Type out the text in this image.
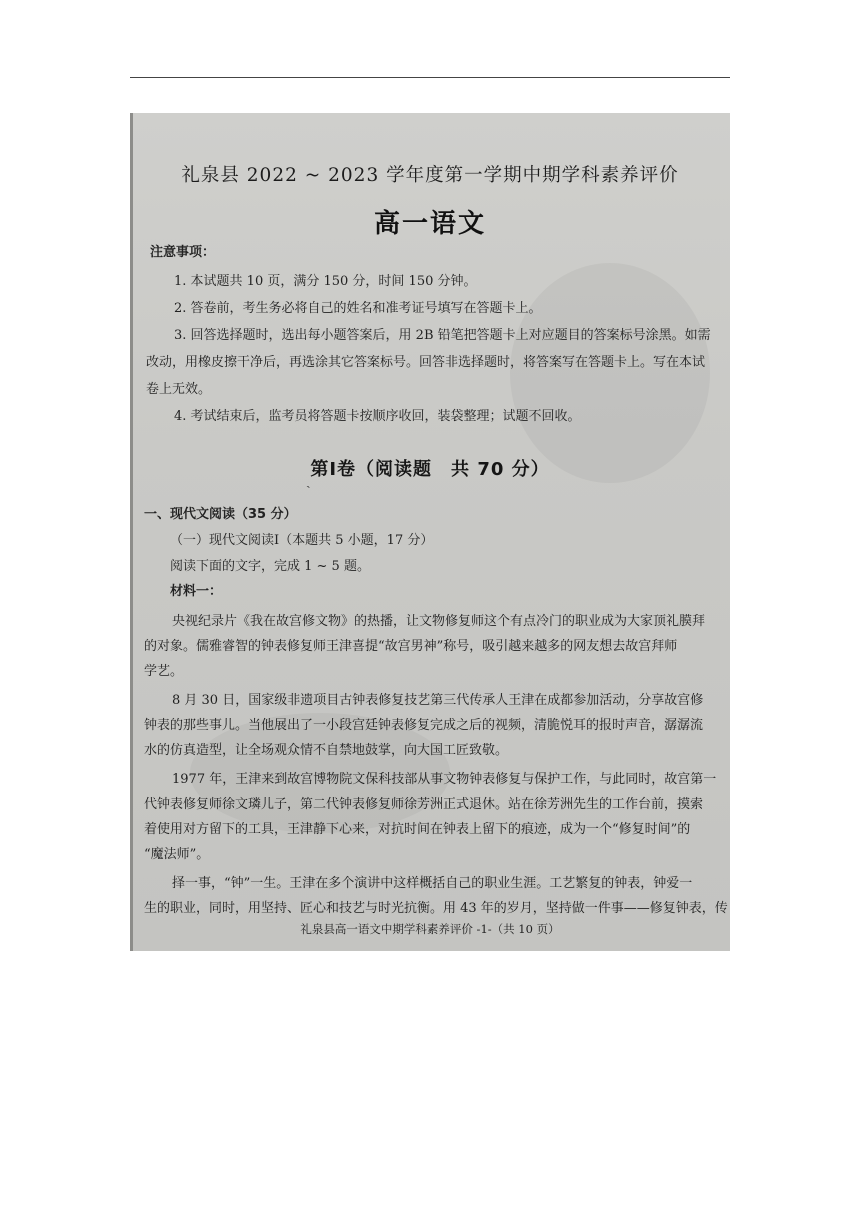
礼泉县 2022 ~ 2023 学年度第一学期中期学科素养评价
高一语文
注意事项：
1. 本试题共 10 页，满分 150 分，时间 150 分钟。
2. 答卷前，考生务必将自己的姓名和准考证号填写在答题卡上。
3. 回答选择题时，选出每小题答案后，用 2B 铅笔把答题卡上对应题目的答案标号涂黑。如需
改动，用橡皮擦干净后，再选涂其它答案标号。回答非选择题时，将答案写在答题卡上。写在本试
卷上无效。
4. 考试结束后，监考员将答题卡按顺序收回，装袋整理；试题不回收。
第Ⅰ卷（阅读题　共 70 分）
ˏ
一、现代文阅读（35 分）
（一）现代文阅读Ⅰ（本题共 5 小题，17 分）
阅读下面的文字，完成 1 ~ 5 题。
材料一：
央视纪录片《我在故宫修文物》的热播，让文物修复师这个有点冷门的职业成为大家顶礼膜拜
的对象。儒雅睿智的钟表修复师王津喜提“故宫男神”称号，吸引越来越多的网友想去故宫拜师
学艺。
8 月 30 日，国家级非遗项目古钟表修复技艺第三代传承人王津在成都参加活动，分享故宫修
钟表的那些事儿。当他展出了一小段宫廷钟表修复完成之后的视频，清脆悦耳的报时声音，潺潺流
水的仿真造型，让全场观众情不自禁地鼓掌，向大国工匠致敬。
1977 年，王津来到故宫博物院文保科技部从事文物钟表修复与保护工作，与此同时，故宫第一
代钟表修复师徐文璘儿子，第二代钟表修复师徐芳洲正式退休。站在徐芳洲先生的工作台前，摸索
着使用对方留下的工具，王津静下心来，对抗时间在钟表上留下的痕迹，成为一个“修复时间”的
“魔法师”。
择一事，“钟”一生。王津在多个演讲中这样概括自己的职业生涯。工艺繁复的钟表，钟爱一
生的职业，同时，用坚持、匠心和技艺与时光抗衡。用 43 年的岁月，坚持做一件事——修复钟表，传
礼泉县高一语文中期学科素养评价 -1-（共 10 页）
